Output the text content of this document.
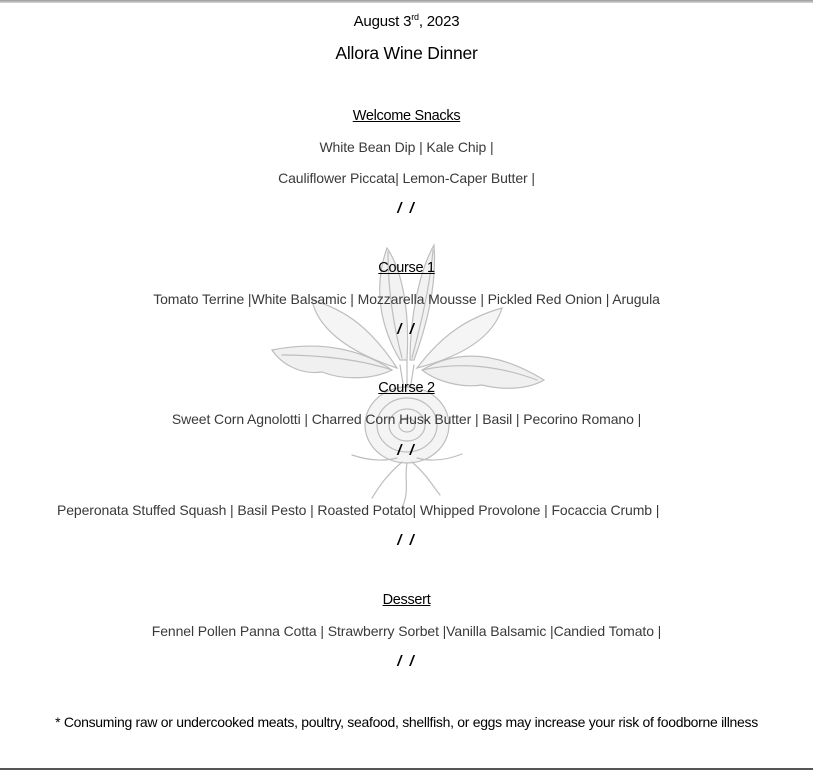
August 3rd, 2023
Allora Wine Dinner
Welcome Snacks
White Bean Dip | Kale Chip |
Cauliflower Piccata| Lemon-Caper Butter |
/ /
Course 1
Tomato Terrine |White Balsamic | Mozzarella Mousse | Pickled Red Onion | Arugula
/ /
Course 2
Sweet Corn Agnolotti | Charred Corn Husk Butter | Basil | Pecorino Romano |
/ /
Peperonata Stuffed Squash | Basil Pesto | Roasted Potato| Whipped Provolone | Focaccia Crumb |
/ /
Dessert
Fennel Pollen Panna Cotta | Strawberry Sorbet |Vanilla Balsamic |Candied Tomato |
/ /
* Consuming raw or undercooked meats, poultry, seafood, shellfish, or eggs may increase your risk of foodborne illness
